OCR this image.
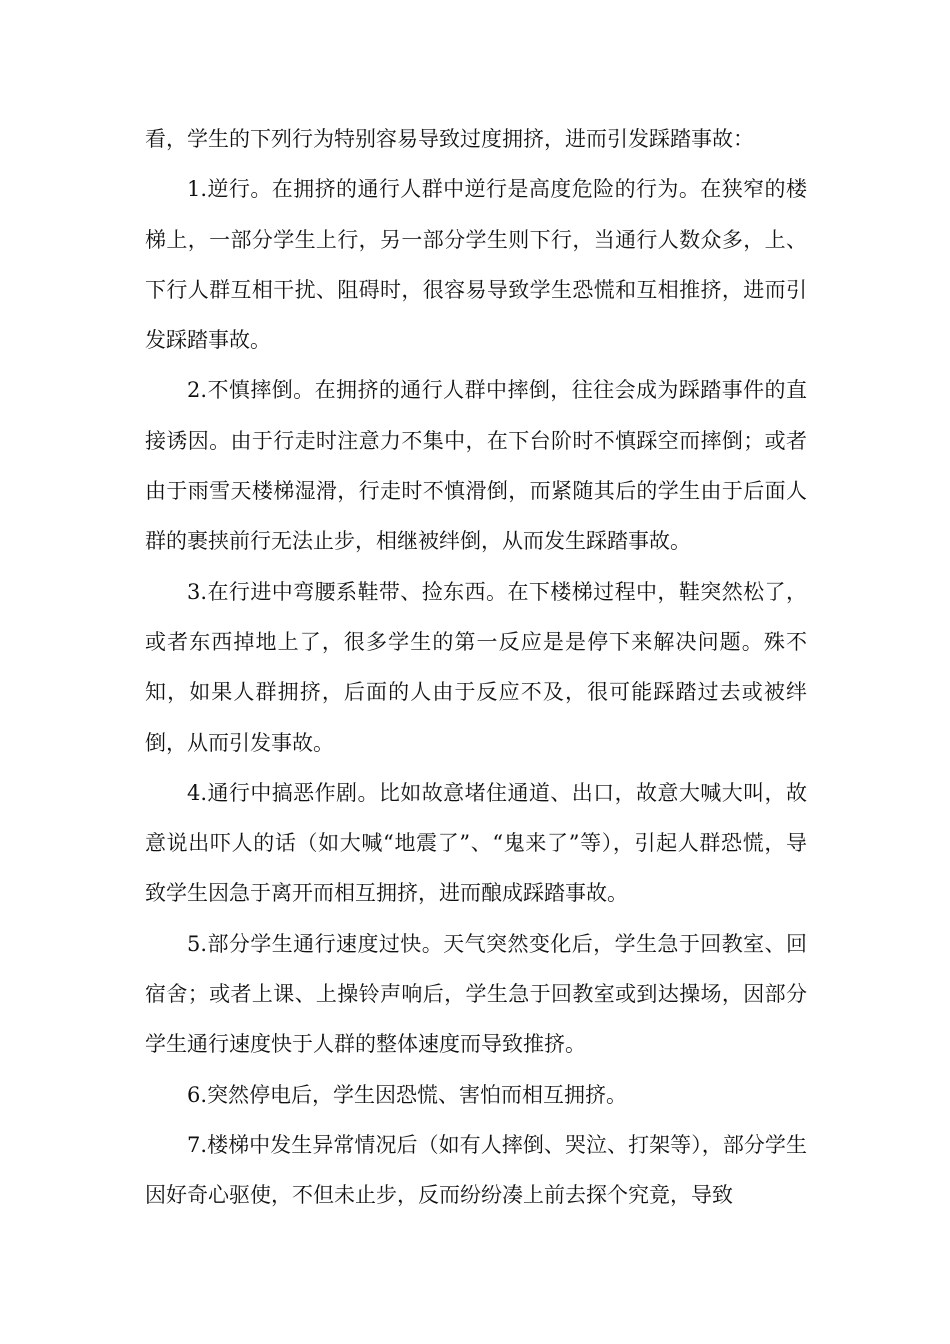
看，学生的下列行为特别容易导致过度拥挤，进而引发踩踏事故：

1.逆行。在拥挤的通行人群中逆行是高度危险的行为。在狭窄的楼梯上，一部分学生上行，另一部分学生则下行，当通行人数众多，上、下行人群互相干扰、阻碍时，很容易导致学生恐慌和互相推挤，进而引发踩踏事故。

2.不慎摔倒。在拥挤的通行人群中摔倒，往往会成为踩踏事件的直接诱因。由于行走时注意力不集中，在下台阶时不慎踩空而摔倒；或者由于雨雪天楼梯湿滑，行走时不慎滑倒，而紧随其后的学生由于后面人群的裹挟前行无法止步，相继被绊倒，从而发生踩踏事故。

3.在行进中弯腰系鞋带、捡东西。在下楼梯过程中，鞋突然松了，或者东西掉地上了，很多学生的第一反应是是停下来解决问题。殊不知，如果人群拥挤，后面的人由于反应不及，很可能踩踏过去或被绊倒，从而引发事故。

4.通行中搞恶作剧。比如故意堵住通道、出口，故意大喊大叫，故意说出吓人的话（如大喊“地震了”、“鬼来了”等），引起人群恐慌，导致学生因急于离开而相互拥挤，进而酿成踩踏事故。

5.部分学生通行速度过快。天气突然变化后，学生急于回教室、回宿舍；或者上课、上操铃声响后，学生急于回教室或到达操场，因部分学生通行速度快于人群的整体速度而导致推挤。

6.突然停电后，学生因恐慌、害怕而相互拥挤。

7.楼梯中发生异常情况后（如有人摔倒、哭泣、打架等），部分学生因好奇心驱使，不但未止步，反而纷纷凑上前去探个究竟，导致
